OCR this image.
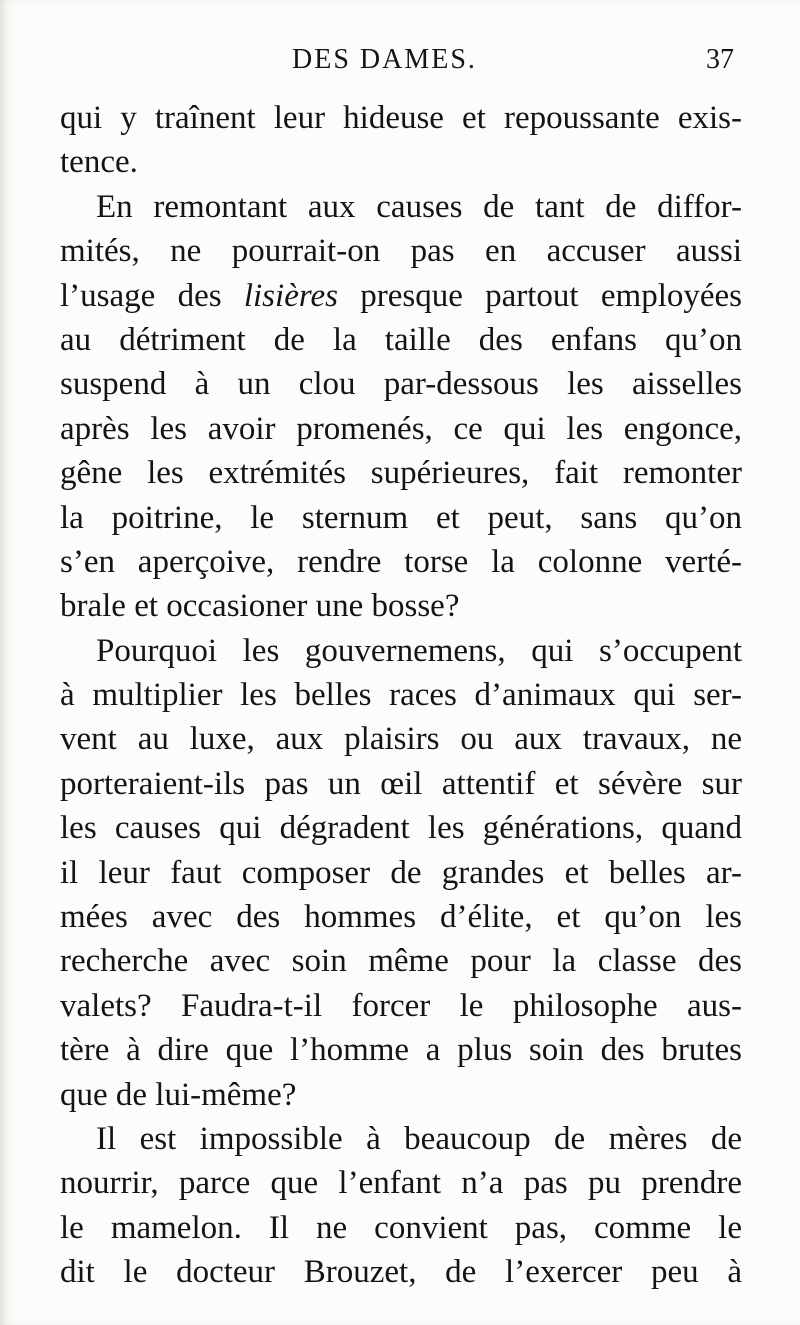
DES DAMES.	37
qui y traînent leur hideuse et repoussante exis-
tence.
En remontant aux causes de tant de diffor-
mités, ne pourrait-on pas en accuser aussi
l’usage des lisières presque partout employées
au détriment de la taille des enfans qu’on
suspend à un clou par-dessous les aisselles
après les avoir promenés, ce qui les engonce,
gêne les extrémités supérieures, fait remonter
la poitrine, le sternum et peut, sans qu’on
s’en aperçoive, rendre torse la colonne verté-
brale et occasioner une bosse?
Pourquoi les gouvernemens, qui s’occupent
à multiplier les belles races d’animaux qui ser-
vent au luxe, aux plaisirs ou aux travaux, ne
porteraient-ils pas un œil attentif et sévère sur
les causes qui dégradent les générations, quand
il leur faut composer de grandes et belles ar-
mées avec des hommes d’élite, et qu’on les
recherche avec soin même pour la classe des
valets? Faudra-t-il forcer le philosophe aus-
tère à dire que l’homme a plus soin des brutes
que de lui-même?
Il est impossible à beaucoup de mères de
nourrir, parce que l’enfant n’a pas pu prendre
le mamelon. Il ne convient pas, comme le
dit le docteur Brouzet, de l’exercer peu à
